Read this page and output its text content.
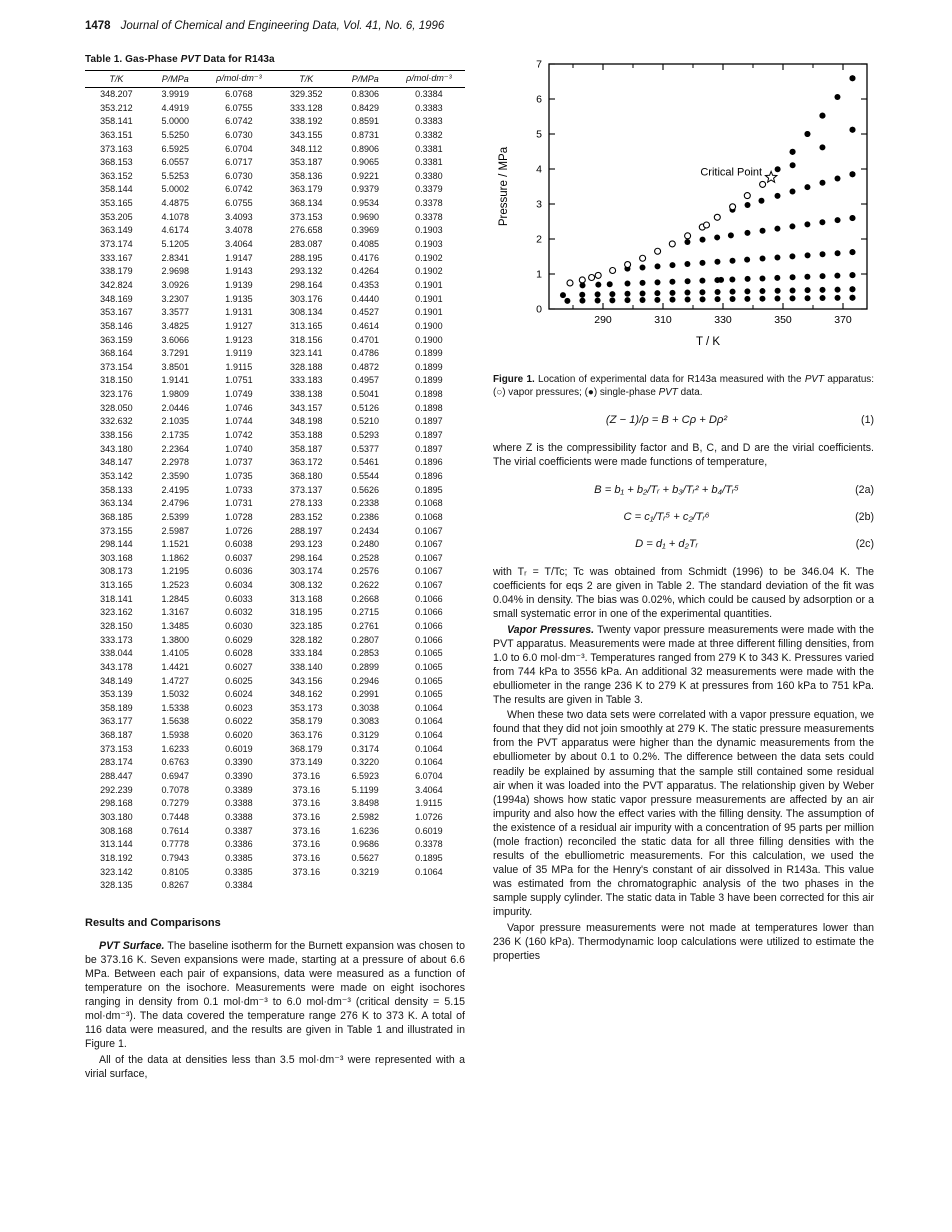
1478 Journal of Chemical and Engineering Data, Vol. 41, No. 6, 1996
Table 1. Gas-Phase PVT Data for R143a
T/K	P/MPa	ρ/mol·dm⁻³	T/K	P/MPa	ρ/mol·dm⁻³
348.207	3.9919	6.0768	329.352	0.8306	0.3384
353.212	4.4919	6.0755	333.128	0.8429	0.3383
358.141	5.0000	6.0742	338.192	0.8591	0.3383
363.151	5.5250	6.0730	343.155	0.8731	0.3382
373.163	6.5925	6.0704	348.112	0.8906	0.3381
368.153	6.0557	6.0717	353.187	0.9065	0.3381
363.152	5.5253	6.0730	358.136	0.9221	0.3380
358.144	5.0002	6.0742	363.179	0.9379	0.3379
353.165	4.4875	6.0755	368.134	0.9534	0.3378
353.205	4.1078	3.4093	373.153	0.9690	0.3378
363.149	4.6174	3.4078	276.658	0.3969	0.1903
373.174	5.1205	3.4064	283.087	0.4085	0.1903
333.167	2.8341	1.9147	288.195	0.4176	0.1902
338.179	2.9698	1.9143	293.132	0.4264	0.1902
342.824	3.0926	1.9139	298.164	0.4353	0.1901
348.169	3.2307	1.9135	303.176	0.4440	0.1901
353.167	3.3577	1.9131	308.134	0.4527	0.1901
358.146	3.4825	1.9127	313.165	0.4614	0.1900
363.159	3.6066	1.9123	318.156	0.4701	0.1900
368.164	3.7291	1.9119	323.141	0.4786	0.1899
373.154	3.8501	1.9115	328.188	0.4872	0.1899
318.150	1.9141	1.0751	333.183	0.4957	0.1899
323.176	1.9809	1.0749	338.138	0.5041	0.1898
328.050	2.0446	1.0746	343.157	0.5126	0.1898
332.632	2.1035	1.0744	348.198	0.5210	0.1897
338.156	2.1735	1.0742	353.188	0.5293	0.1897
343.180	2.2364	1.0740	358.187	0.5377	0.1897
348.147	2.2978	1.0737	363.172	0.5461	0.1896
353.142	2.3590	1.0735	368.180	0.5544	0.1896
358.133	2.4195	1.0733	373.137	0.5626	0.1895
363.134	2.4796	1.0731	278.133	0.2338	0.1068
368.185	2.5399	1.0728	283.152	0.2386	0.1068
373.155	2.5987	1.0726	288.197	0.2434	0.1067
298.144	1.1521	0.6038	293.123	0.2480	0.1067
303.168	1.1862	0.6037	298.164	0.2528	0.1067
308.173	1.2195	0.6036	303.174	0.2576	0.1067
313.165	1.2523	0.6034	308.132	0.2622	0.1067
318.141	1.2845	0.6033	313.168	0.2668	0.1066
323.162	1.3167	0.6032	318.195	0.2715	0.1066
328.150	1.3485	0.6030	323.185	0.2761	0.1066
333.173	1.3800	0.6029	328.182	0.2807	0.1066
338.044	1.4105	0.6028	333.184	0.2853	0.1065
343.178	1.4421	0.6027	338.140	0.2899	0.1065
348.149	1.4727	0.6025	343.156	0.2946	0.1065
353.139	1.5032	0.6024	348.162	0.2991	0.1065
358.189	1.5338	0.6023	353.173	0.3038	0.1064
363.177	1.5638	0.6022	358.179	0.3083	0.1064
368.187	1.5938	0.6020	363.176	0.3129	0.1064
373.153	1.6233	0.6019	368.179	0.3174	0.1064
283.174	0.6763	0.3390	373.149	0.3220	0.1064
288.447	0.6947	0.3390	373.16	6.5923	6.0704
292.239	0.7078	0.3389	373.16	5.1199	3.4064
298.168	0.7279	0.3388	373.16	3.8498	1.9115
303.180	0.7448	0.3388	373.16	2.5982	1.0726
308.168	0.7614	0.3387	373.16	1.6236	0.6019
313.144	0.7778	0.3386	373.16	0.9686	0.3378
318.192	0.7943	0.3385	373.16	0.5627	0.1895
323.142	0.8105	0.3385	373.16	0.3219	0.1064
328.135	0.8267	0.3384			
Results and Comparisons

PVT Surface. The baseline isotherm for the Burnett expansion was chosen to be 373.16 K. Seven expansions were made, starting at a pressure of about 6.6 MPa. Between each pair of expansions, data were measured as a function of temperature on the isochore. Measurements were made on eight isochores ranging in density from 0.1 mol·dm⁻³ to 6.0 mol·dm⁻³ (critical density = 5.15 mol·dm⁻³). The data covered the temperature range 276 K to 373 K. A total of 116 data were measured, and the results are given in Table 1 and illustrated in Figure 1.

All of the data at densities less than 3.5 mol·dm⁻³ were represented with a virial surface,

0
1
2
3
4
5
6
7
290	310	330	350	370
T / K
Pressure / MPa	Critical Point
Figure 1. Location of experimental data for R143a measured with the PVT apparatus: (○) vapor pressures; (●) single-phase PVT data.
(Z − 1)/ρ = B + Cρ + Dρ²	(1)

where Z is the compressibility factor and B, C, and D are the virial coefficients. The virial coefficients were made functions of temperature,

B = b₁ + b₂/Tᵣ + b₃/Tᵣ² + b₄/Tᵣ⁵	(2a)
C = c₁/Tᵣ⁵ + c₂/Tᵣ⁶	(2b)
D = d₁ + d₂Tᵣ	(2c)

with Tᵣ = T/Tc; Tc was obtained from Schmidt (1996) to be 346.04 K. The coefficients for eqs 2 are given in Table 2. The standard deviation of the fit was 0.04% in density. The bias was 0.02%, which could be caused by adsorption or a small systematic error in one of the experimental quantities.

Vapor Pressures. Twenty vapor pressure measurements were made with the PVT apparatus. Measurements were made at three different filling densities, from 1.0 to 6.0 mol·dm⁻³. Temperatures ranged from 279 K to 343 K. Pressures varied from 744 kPa to 3556 kPa. An additional 32 measurements were made with the ebulliometer in the range 236 K to 279 K at pressures from 160 kPa to 751 kPa. The results are given in Table 3.

When these two data sets were correlated with a vapor pressure equation, we found that they did not join smoothly at 279 K. The static pressure measurements from the PVT apparatus were higher than the dynamic measurements from the ebulliometer by about 0.1 to 0.2%. The difference between the data sets could readily be explained by assuming that the sample still contained some residual air when it was loaded into the PVT apparatus. The relationship given by Weber (1994a) shows how static vapor pressure measurements are affected by an air impurity and also how the effect varies with the filling density. The assumption of the existence of a residual air impurity with a concentration of 95 parts per million (mole fraction) reconciled the static data for all three filling densities with the results of the ebulliometric measurements. For this calculation, we used the value of 35 MPa for the Henry's constant of air dissolved in R143a. This value was estimated from the chromatographic analysis of the two phases in the sample supply cylinder. The static data in Table 3 have been corrected for this air impurity.

Vapor pressure measurements were not made at temperatures lower than 236 K (160 kPa). Thermodynamic loop calculations were utilized to estimate the properties
